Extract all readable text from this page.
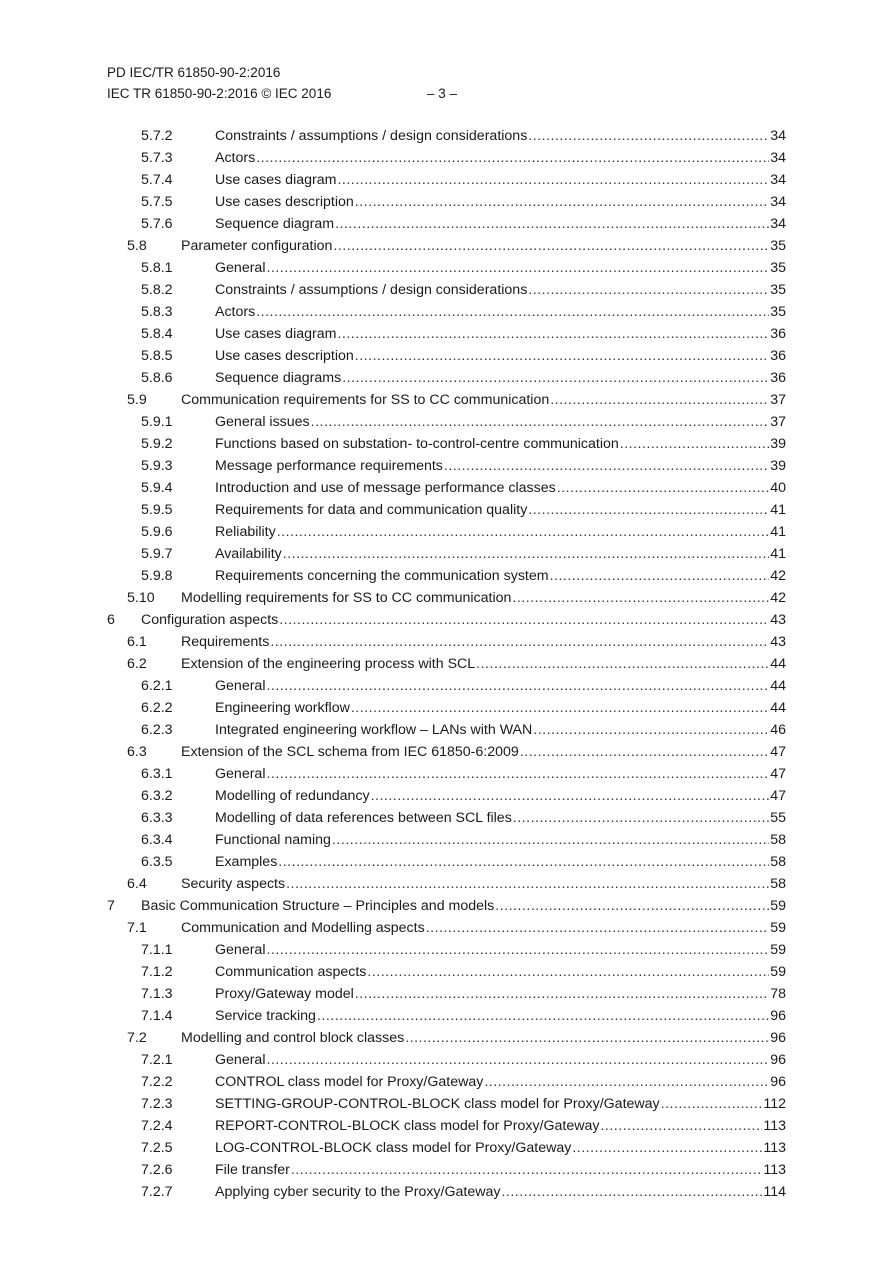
PD IEC/TR 61850-90-2:2016
IEC TR 61850-90-2:2016 © IEC 2016	– 3 –
5.7.2	Constraints / assumptions / design considerations .....	34
5.7.3	Actors .....	34
5.7.4	Use cases diagram .....	34
5.7.5	Use cases description .....	34
5.7.6	Sequence diagram .....	34
5.8 Parameter configuration .....	35
5.8.1	General .....	35
5.8.2	Constraints / assumptions / design considerations .....	35
5.8.3	Actors .....	35
5.8.4	Use cases diagram .....	36
5.8.5	Use cases description .....	36
5.8.6	Sequence diagrams .....	36
5.9 Communication requirements for SS to CC communication .....	37
5.9.1	General issues .....	37
5.9.2	Functions based on substation- to-control-centre communication .....	39
5.9.3	Message performance requirements .....	39
5.9.4	Introduction and use of message performance classes .....	40
5.9.5	Requirements for data and communication quality .....	41
5.9.6	Reliability .....	41
5.9.7	Availability .....	41
5.9.8	Requirements concerning the communication system .....	42
5.10 Modelling requirements for SS to CC communication .....	42
6 Configuration aspects .....	43
6.1 Requirements .....	43
6.2 Extension of the engineering process with SCL .....	44
6.2.1	General .....	44
6.2.2	Engineering workflow .....	44
6.2.3	Integrated engineering workflow – LANs with WAN .....	46
6.3 Extension of the SCL schema from IEC 61850-6:2009 .....	47
6.3.1	General .....	47
6.3.2	Modelling of redundancy .....	47
6.3.3	Modelling of data references between SCL files .....	55
6.3.4	Functional naming .....	58
6.3.5	Examples .....	58
6.4 Security aspects .....	58
7 Basic Communication Structure – Principles and models .....	59
7.1 Communication and Modelling aspects .....	59
7.1.1	General .....	59
7.1.2	Communication aspects .....	59
7.1.3	Proxy/Gateway model .....	78
7.1.4	Service tracking .....	96
7.2 Modelling and control block classes .....	96
7.2.1	General .....	96
7.2.2	CONTROL class model for Proxy/Gateway .....	96
7.2.3	SETTING-GROUP-CONTROL-BLOCK class model for Proxy/Gateway .....	112
7.2.4	REPORT-CONTROL-BLOCK class model for Proxy/Gateway .....	113
7.2.5	LOG-CONTROL-BLOCK class model for Proxy/Gateway .....	113
7.2.6	File transfer .....	113
7.2.7	Applying cyber security to the Proxy/Gateway .....	114
